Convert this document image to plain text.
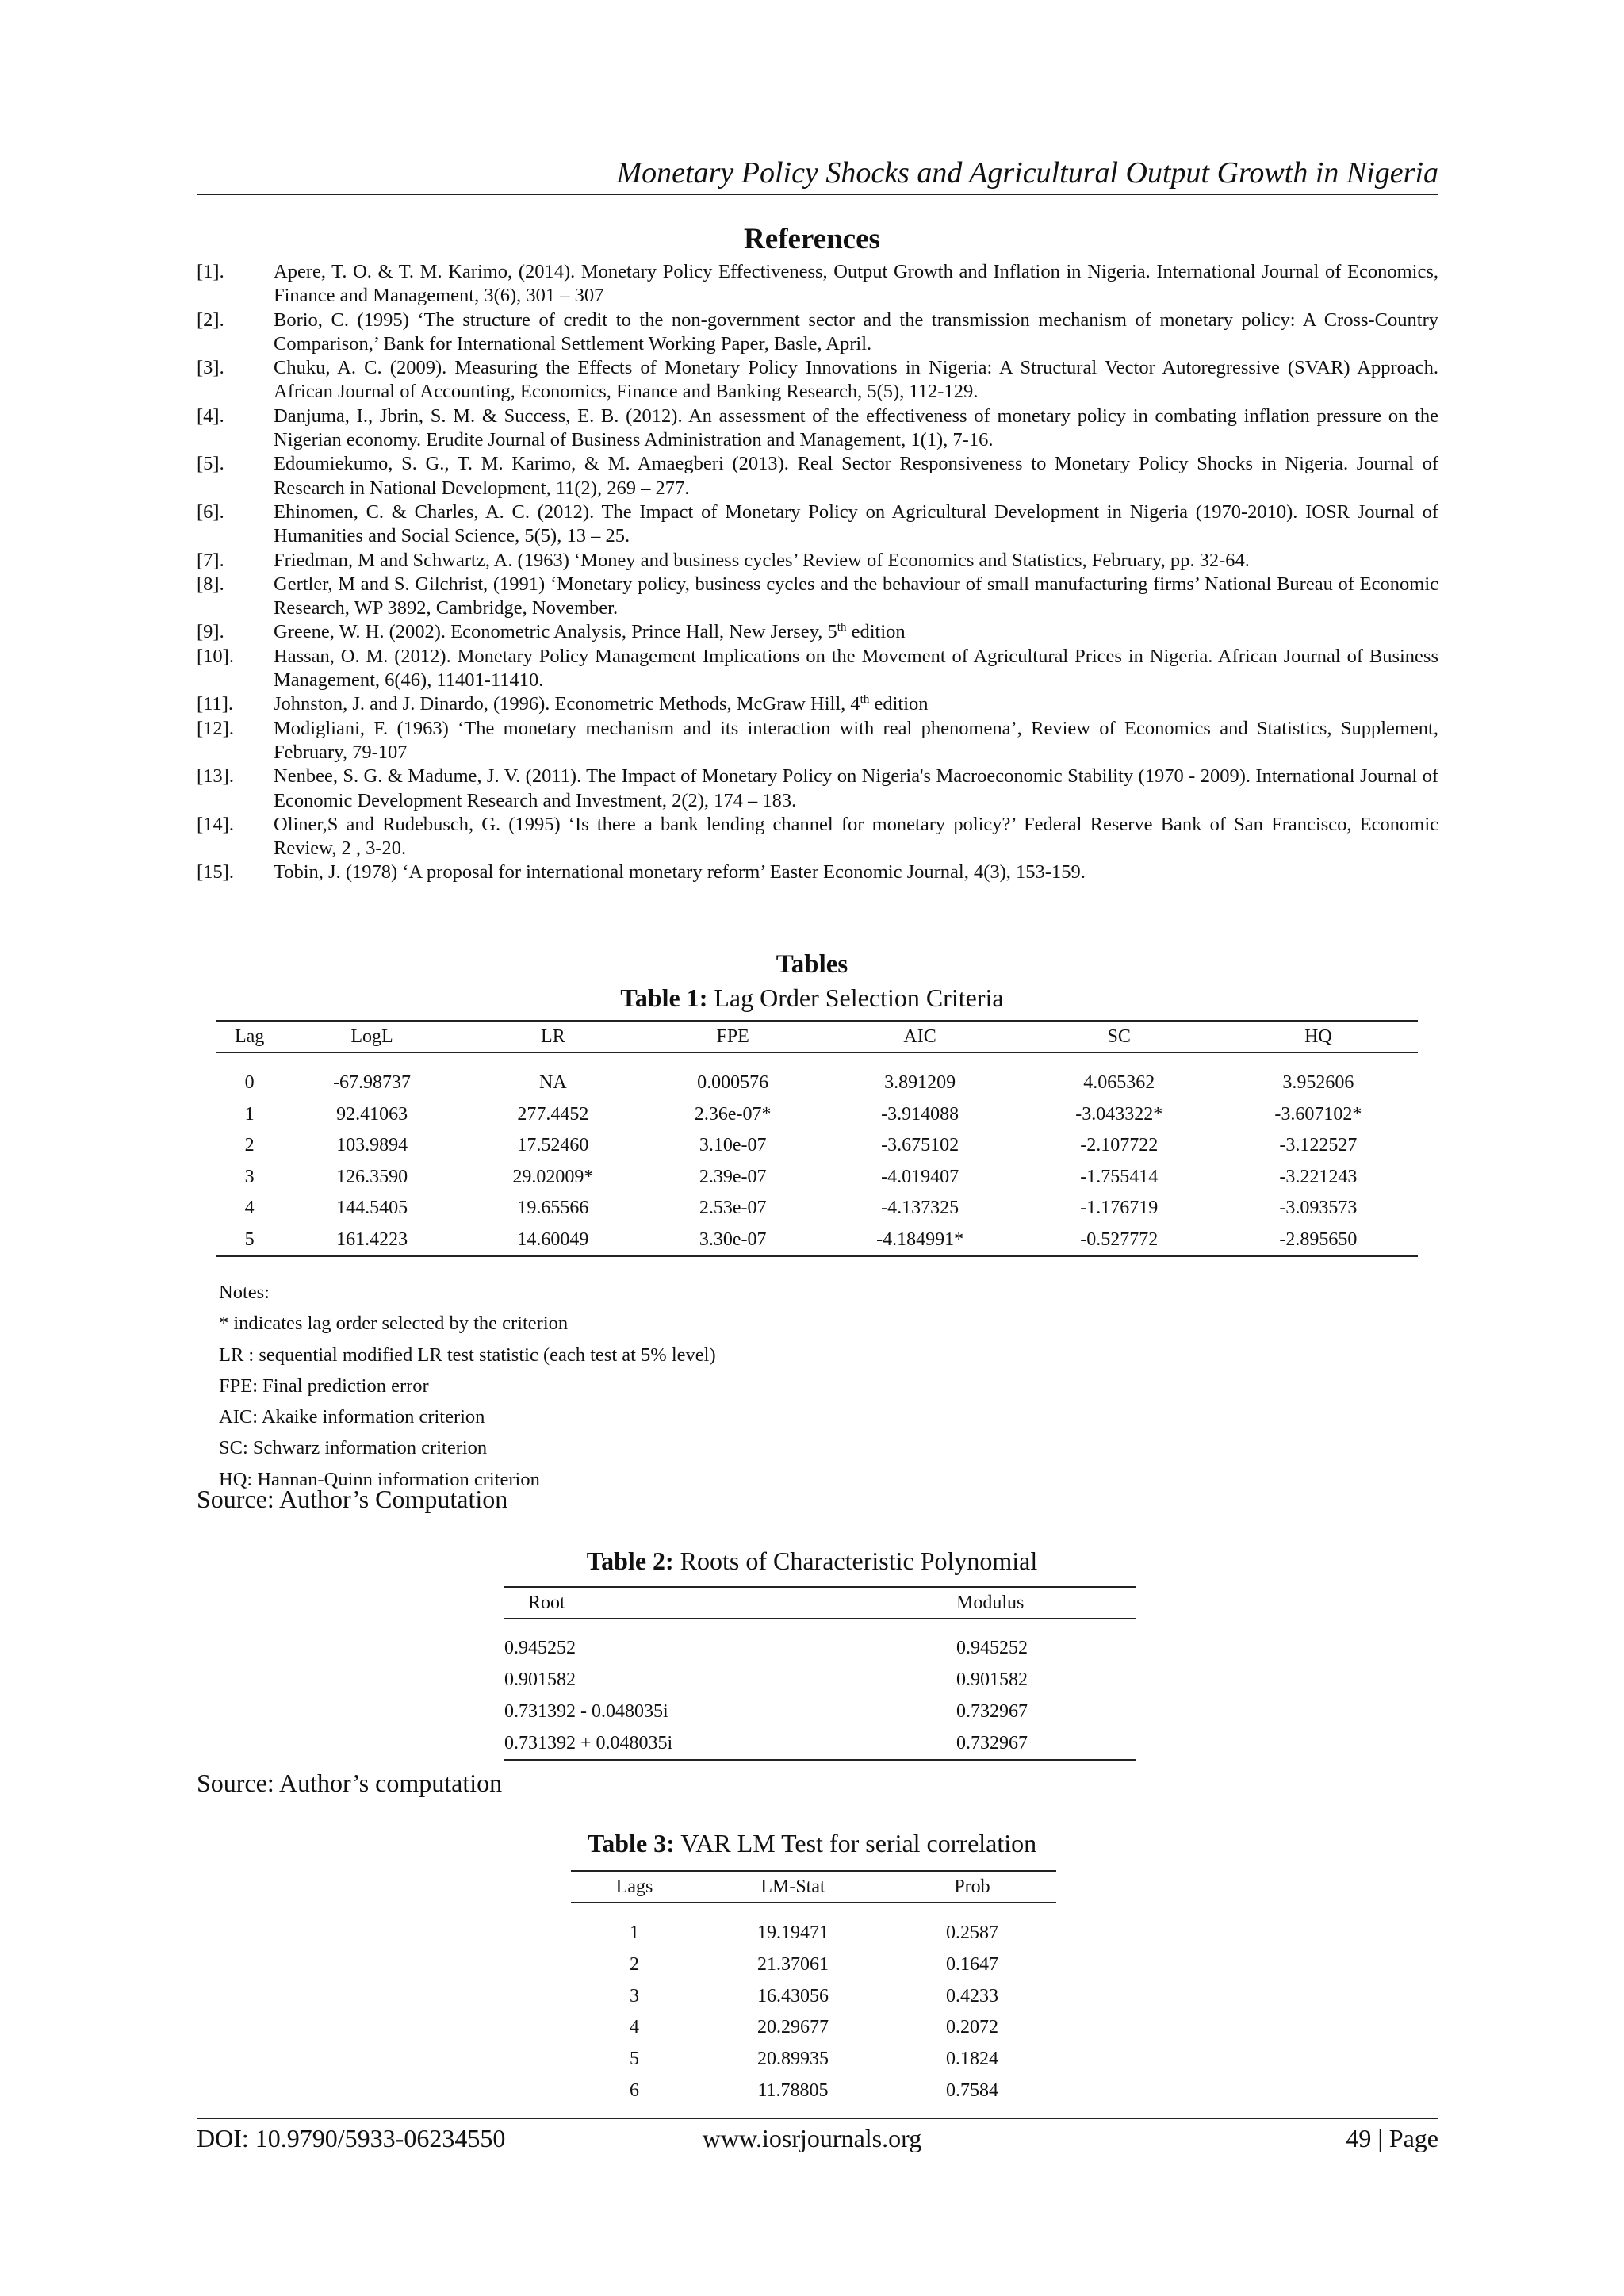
Monetary Policy Shocks and Agricultural Output Growth in Nigeria
References
[1].	Apere, T. O. & T. M. Karimo, (2014). Monetary Policy Effectiveness, Output Growth and Inflation in Nigeria. International Journal of Economics, Finance and Management, 3(6), 301 – 307
[2].	Borio, C. (1995) ‘The structure of credit to the non-government sector and the transmission mechanism of monetary policy: A Cross-Country Comparison,’ Bank for International Settlement Working Paper, Basle, April.
[3].	Chuku, A. C. (2009). Measuring the Effects of Monetary Policy Innovations in Nigeria: A Structural Vector Autoregressive (SVAR) Approach. African Journal of Accounting, Economics, Finance and Banking Research, 5(5), 112-129.
[4].	Danjuma, I., Jbrin, S. M. & Success, E. B. (2012). An assessment of the effectiveness of monetary policy in combating inflation pressure on the Nigerian economy. Erudite Journal of Business Administration and Management, 1(1), 7-16.
[5].	Edoumiekumo, S. G., T. M. Karimo, & M. Amaegberi (2013). Real Sector Responsiveness to Monetary Policy Shocks in Nigeria. Journal of Research in National Development, 11(2), 269 – 277.
[6].	Ehinomen, C. & Charles, A. C. (2012). The Impact of Monetary Policy on Agricultural Development in Nigeria (1970-2010). IOSR Journal of Humanities and Social Science, 5(5), 13 – 25.
[7].	Friedman, M and Schwartz, A. (1963) ‘Money and business cycles’ Review of Economics and Statistics, February, pp. 32-64.
[8].	Gertler, M and S. Gilchrist, (1991) ‘Monetary policy, business cycles and the behaviour of small manufacturing firms’ National Bureau of Economic Research, WP 3892, Cambridge, November.
[9].	Greene, W. H. (2002). Econometric Analysis, Prince Hall, New Jersey, 5th edition
[10].	Hassan, O. M. (2012). Monetary Policy Management Implications on the Movement of Agricultural Prices in Nigeria. African Journal of Business Management, 6(46), 11401-11410.
[11].	Johnston, J. and J. Dinardo, (1996). Econometric Methods, McGraw Hill, 4th edition
[12].	Modigliani, F. (1963) ‘The monetary mechanism and its interaction with real phenomena’, Review of Economics and Statistics, Supplement, February, 79-107
[13].	Nenbee, S. G. & Madume, J. V. (2011). The Impact of Monetary Policy on Nigeria's Macroeconomic Stability (1970 - 2009). International Journal of Economic Development Research and Investment, 2(2), 174 – 183.
[14].	Oliner,S and Rudebusch, G. (1995) ‘Is there a bank lending channel for monetary policy?’ Federal Reserve Bank of San Francisco, Economic Review, 2 , 3-20.
[15].	Tobin, J. (1978) ‘A proposal for international monetary reform’ Easter Economic Journal, 4(3), 153-159.
Tables
Table 1: Lag Order Selection Criteria
Lag	LogL	LR	FPE	AIC	SC	HQ
0	-67.98737	NA	0.000576	3.891209	4.065362	3.952606
1	92.41063	277.4452	2.36e-07*	-3.914088	-3.043322*	-3.607102*
2	103.9894	17.52460	3.10e-07	-3.675102	-2.107722	-3.122527
3	126.3590	29.02009*	2.39e-07	-4.019407	-1.755414	-3.221243
4	144.5405	19.65566	2.53e-07	-4.137325	-1.176719	-3.093573
5	161.4223	14.60049	3.30e-07	-4.184991*	-0.527772	-2.895650
Notes:
* indicates lag order selected by the criterion
LR : sequential modified LR test statistic (each test at 5% level)
FPE: Final prediction error
AIC: Akaike information criterion
SC: Schwarz information criterion
HQ: Hannan-Quinn information criterion
Source: Author’s Computation
Table 2: Roots of Characteristic Polynomial
Root	Modulus
0.945252	0.945252
0.901582	0.901582
0.731392 - 0.048035i	0.732967
0.731392 + 0.048035i	0.732967
Source: Author’s computation
Table 3: VAR LM Test for serial correlation
Lags	LM-Stat	Prob
1	19.19471	0.2587
2	21.37061	0.1647
3	16.43056	0.4233
4	20.29677	0.2072
5	20.89935	0.1824
6	11.78805	0.7584
DOI: 10.9790/5933-06234550	www.iosrjournals.org	49 | Page
